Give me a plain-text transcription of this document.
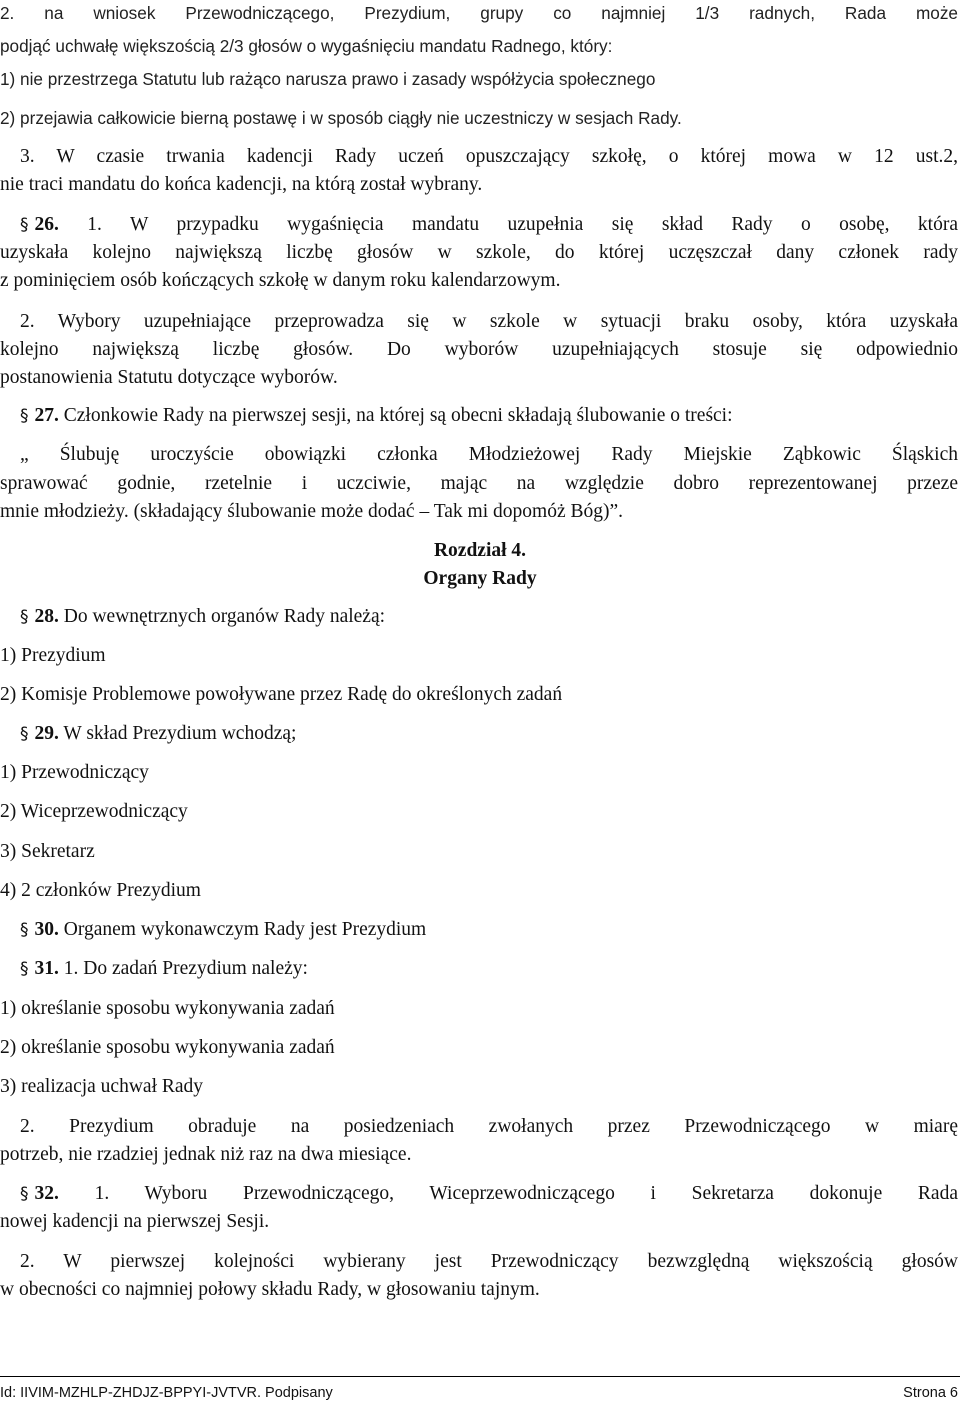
2. na wniosek Przewodniczącego, Prezydium, grupy co najmniej 1/3 radnych, Rada może
podjąć uchwałę większością 2/3 głosów o wygaśnięciu mandatu Radnego, który:
1) nie przestrzega Statutu lub rażąco narusza prawo i zasady współżycia społecznego
2) przejawia całkowicie bierną postawę i w sposób ciągły nie uczestniczy w sesjach Rady.
3. W czasie trwania kadencji Rady uczeń opuszczający szkołę, o której mowa w 12 ust.2,
nie traci mandatu do końca kadencji, na którą został wybrany.
§ 26. 1. W przypadku wygaśnięcia mandatu uzupełnia się skład Rady o osobę, która
uzyskała kolejno największą liczbę głosów w szkole, do której uczęszczał dany członek rady
z pominięciem osób kończących szkołę w danym roku kalendarzowym.
2. Wybory uzupełniające przeprowadza się w szkole w sytuacji braku osoby, która uzyskała
kolejno największą liczbę głosów. Do wyborów uzupełniających stosuje się odpowiednio
postanowienia Statutu dotyczące wyborów.
§ 27. Członkowie Rady na pierwszej sesji, na której są obecni składają ślubowanie o treści:
„ Ślubuję uroczyście obowiązki członka Młodzieżowej Rady Miejskie Ząbkowic Śląskich
sprawować godnie, rzetelnie i uczciwie, mając na względzie dobro reprezentowanej przeze
mnie młodzieży. (składający ślubowanie może dodać – Tak mi dopomóż Bóg)”.
Rozdział 4.
Organy Rady
§ 28. Do wewnętrznych organów Rady należą:
1) Prezydium
2) Komisje Problemowe powoływane przez Radę do określonych zadań
§ 29. W skład Prezydium wchodzą;
1) Przewodniczący
2) Wiceprzewodniczący
3) Sekretarz
4) 2 członków Prezydium
§ 30. Organem wykonawczym Rady jest Prezydium
§ 31. 1. Do zadań Prezydium należy:
1) określanie sposobu wykonywania zadań
2) określanie sposobu wykonywania zadań
3) realizacja uchwał Rady
2. Prezydium obraduje na posiedzeniach zwołanych przez Przewodniczącego w miarę
potrzeb, nie rzadziej jednak niż raz na dwa miesiące.
§ 32. 1. Wyboru Przewodniczącego, Wiceprzewodniczącego i Sekretarza dokonuje Rada
nowej kadencji na pierwszej Sesji.
2. W pierwszej kolejności wybierany jest Przewodniczący bezwzględną większością głosów
w obecności co najmniej połowy składu Rady, w głosowaniu tajnym.
Id: IIVIM-MZHLP-ZHDJZ-BPPYI-JVTVR. Podpisany	Strona 6
